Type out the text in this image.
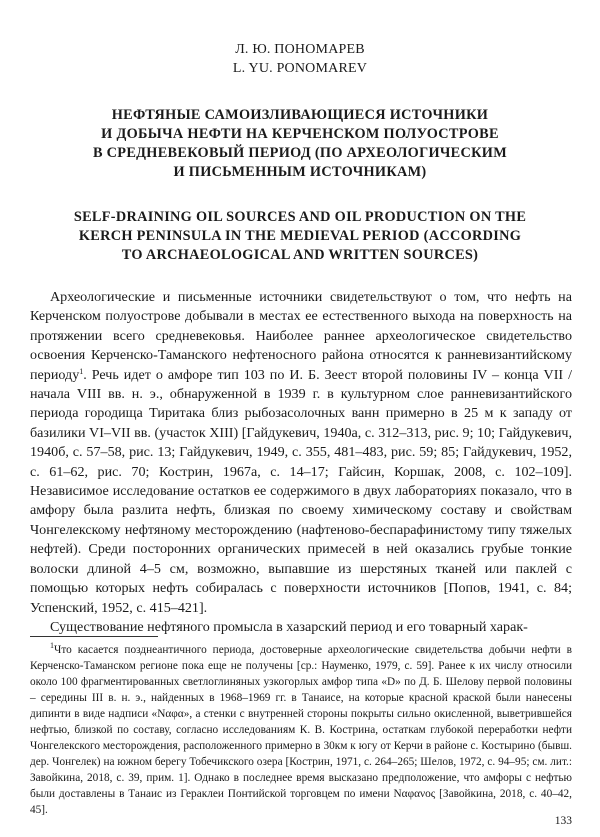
Л. Ю. ПОНОМАРЕВ
L. YU. PONOMAREV
НЕФТЯНЫЕ САМОИЗЛИВАЮЩИЕСЯ ИСТОЧНИКИ
И ДОБЫЧА НЕФТИ НА КЕРЧЕНСКОМ ПОЛУОСТРОВЕ
В СРЕДНЕВЕКОВЫЙ ПЕРИОД (ПО АРХЕОЛОГИЧЕСКИМ
И ПИСЬМЕННЫМ ИСТОЧНИКАМ)
SELF-DRAINING OIL SOURCES AND OIL PRODUCTION ON THE
KERCH PENINSULA IN THE MEDIEVAL PERIOD (ACCORDING
TO ARCHAEOLOGICAL AND WRITTEN SOURCES)

Археологические и письменные источники свидетельствуют о том, что нефть на Керченском полуострове добывали в местах ее естественного выхода на поверхность на протяжении всего средневековья. Наиболее раннее археологическое свидетельство освоения Керченско-Таманского нефтеносного района относятся к ранневизантийскому периоду$^1$. Речь идет о амфоре тип 103 по И. Б. Зеест второй половины IV – конца VII / начала VIII вв. н. э., обнаруженной в 1939 г. в культурном слое ранневизантийского периода городища Тиритака близ рыбозасолочных ванн примерно в 25 м к западу от базилики VI–VII вв. (участок XIII) [Гайдукевич, 1940а, с. 312–313, рис. 9; 10; Гайдукевич, 1940б, с. 57–58, рис. 13; Гайдукевич, 1949, с. 355, 481–483, рис. 59; 85; Гайдукевич, 1952, с. 61–62, рис. 70; Кострин, 1967а, с. 14–17; Гайсин, Коршак, 2008, с. 102–109]. Независимое исследование остатков ее содержимого в двух лабораториях показало, что в амфору была разлита нефть, близкая по своему химическому составу и свойствам Чонгелекскому нефтяному месторождению (нафтеново-беспарафинистому типу тяжелых нефтей). Среди посторонних органических примесей в ней оказались грубые тонкие волоски длиной 4–5 см, возможно, выпавшие из шерстяных тканей или паклей с помощью которых нефть собиралась с поверхности источников [Попов, 1941, с. 84; Успенский, 1952, с. 415–421].

Существование нефтяного промысла в хазарский период и его товарный харак-

$^1$Что касается позднеантичного периода, достоверные археологические свидетельства добычи нефти в Керченско-Таманском регионе пока еще не получены [ср.: Науменко, 1979, с. 59]. Ранее к их числу относили около 100 фрагментированных светлоглиняных узкогорлых амфор типа «D» по Д. Б. Шелову первой половины – середины III в. н. э., найденных в 1968–1969 гг. в Танаисе, на которые красной краской были нанесены дипинти в виде надписи «Ναφα», а стенки с внутренней стороны покрыты сильно окисленной, выветрившейся нефтью, близкой по составу, согласно исследованиям К. В. Кострина, остаткам глубокой переработки нефти Чонгелекского месторождения, расположенного примерно в 30км к югу от Керчи в районе с. Костырино (бывш. дер. Чонгелек) на южном берегу Тобечикского озера [Кострин, 1971, с. 264–265; Шелов, 1972, с. 94–95; см. лит.: Завойкина, 2018, с. 39, прим. 1]. Однако в последнее время высказано предположение, что амфоры с нефтью были доставлены в Танаис из Гераклеи Понтийской торговцем по имени Ναφανος [Завойкина, 2018, с. 40–42, 45].
133
